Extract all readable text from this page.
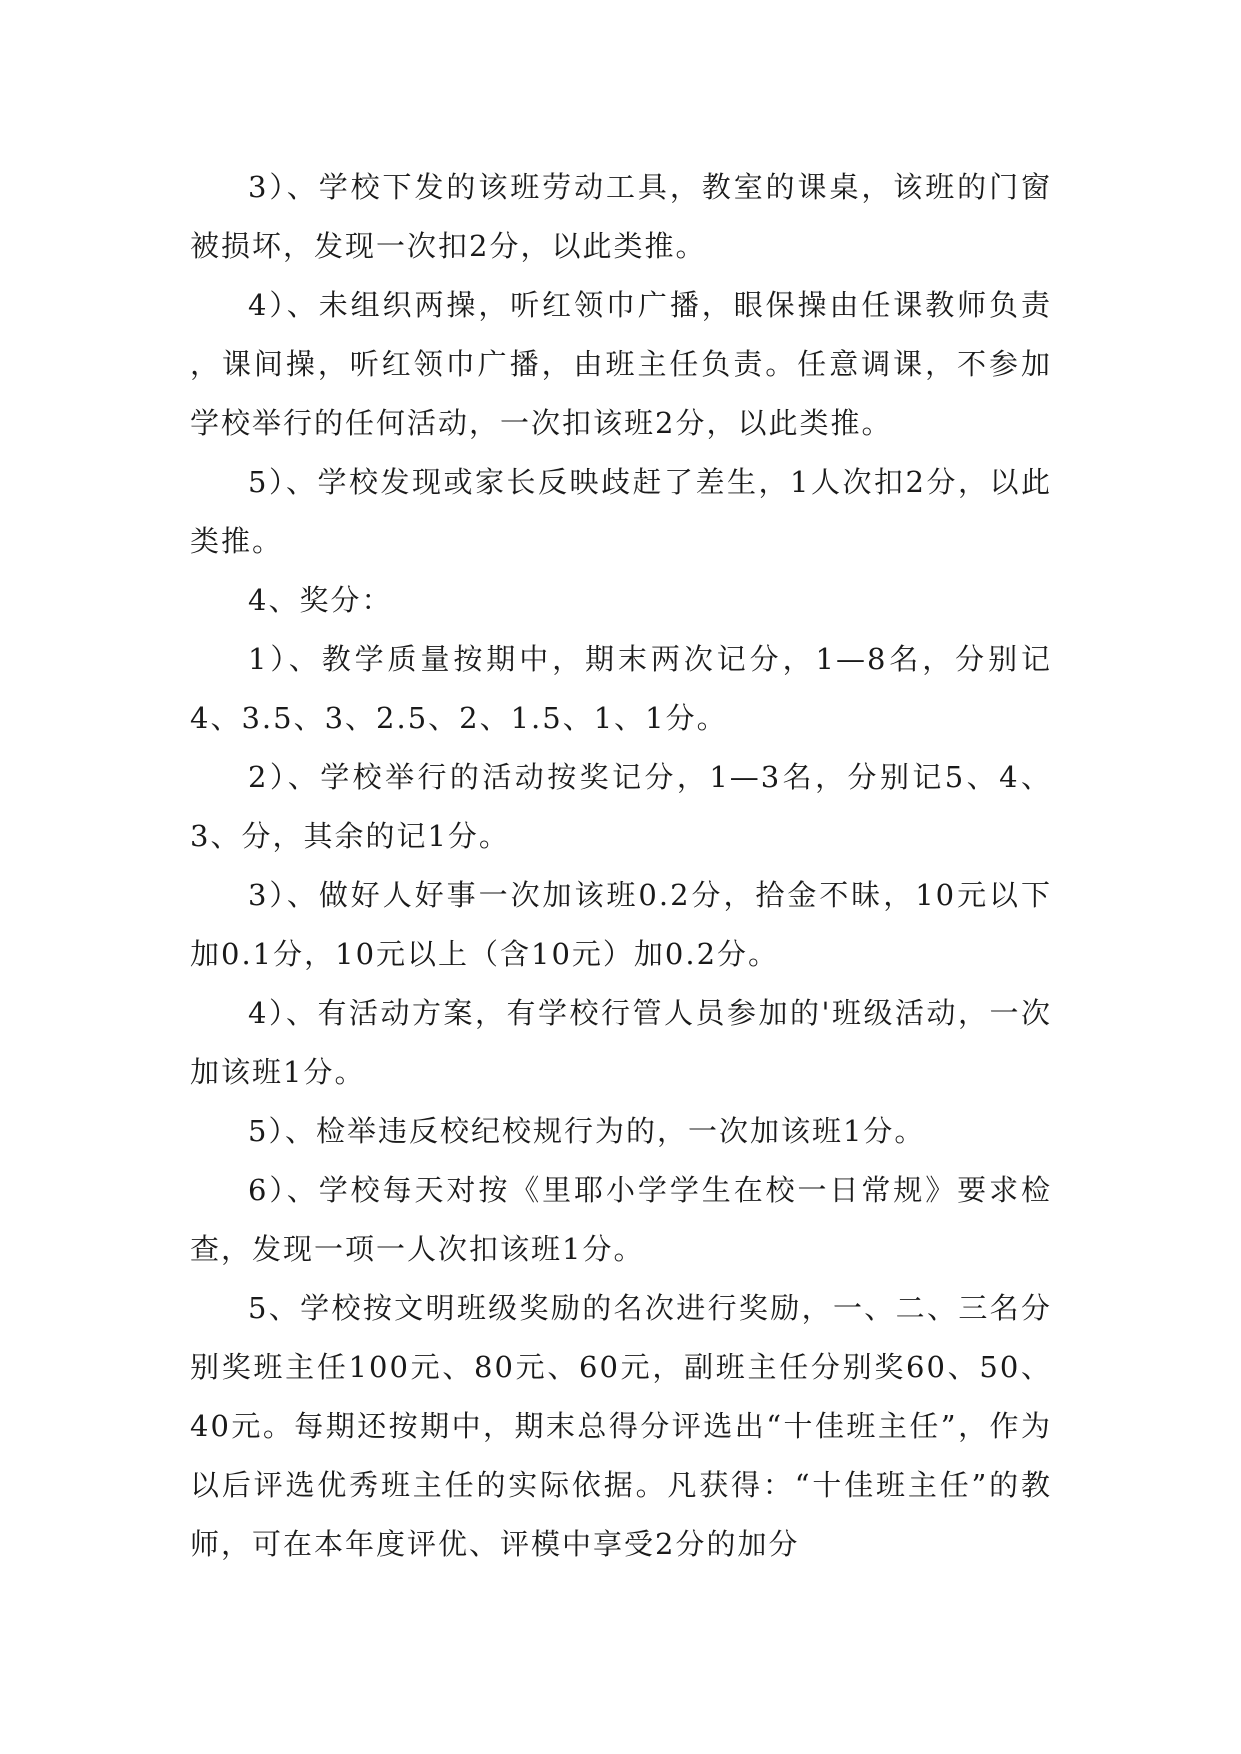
3）、学校下发的该班劳动工具，教室的课桌，该班的门窗被损坏，发现一次扣2分，以此类推。

4）、未组织两操，听红领巾广播，眼保操由任课教师负责 ，课间操，听红领巾广播，由班主任负责。任意调课，不参加学校举行的任何活动，一次扣该班2分，以此类推。

5）、学校发现或家长反映歧赶了差生，1人次扣2分，以此类推。

4、奖分：

1）、教学质量按期中，期末两次记分，1—8名，分别记4、3.5、3、2.5、2、1.5、1、1分。

2）、学校举行的活动按奖记分，1—3名，分别记5、4、3、分，其余的记1分。

3）、做好人好事一次加该班0.2分，拾金不昧，10元以下加0.1分，10元以上（含10元）加0.2分。

4）、有活动方案，有学校行管人员参加的'班级活动，一次加该班1分。

5）、检举违反校纪校规行为的，一次加该班1分。

6）、学校每天对按《里耶小学学生在校一日常规》要求检查，发现一项一人次扣该班1分。

5、学校按文明班级奖励的名次进行奖励，一、二、三名分别奖班主任100元、80元、60元，副班主任分别奖60、50、40元。每期还按期中，期末总得分评选出“十佳班主任”，作为以后评选优秀班主任的实际依据。凡获得：“十佳班主任”的教师，可在本年度评优、评模中享受2分的加分
